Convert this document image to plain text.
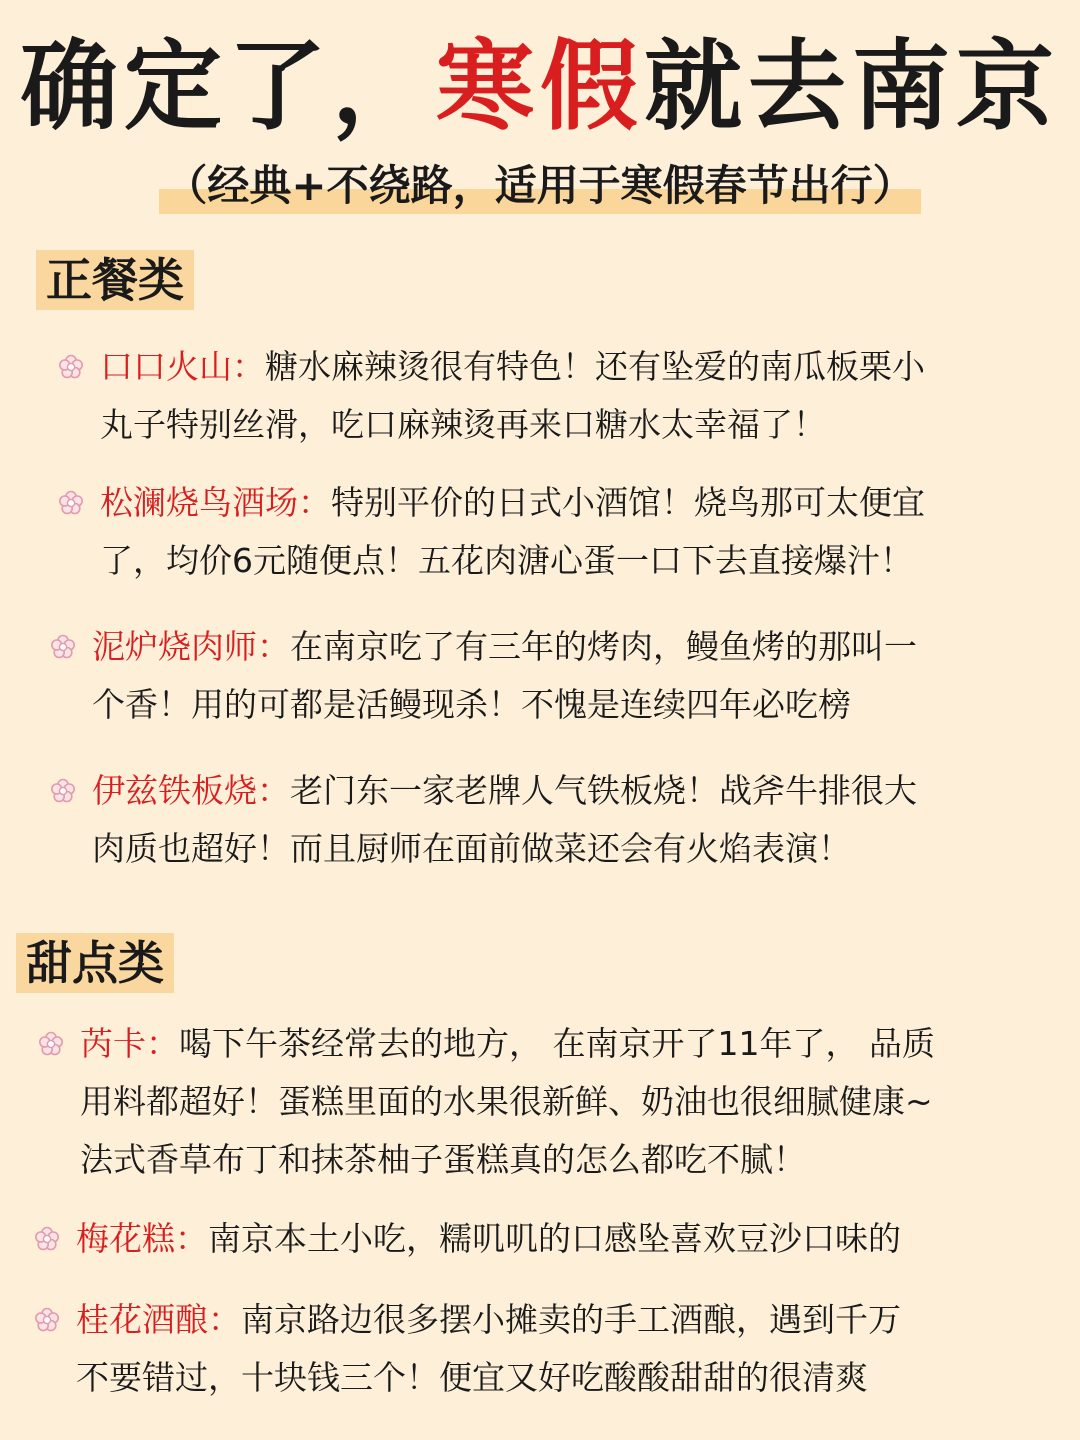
确定了，寒假就去南京
（经典+不绕路，适用于寒假春节出行）
正餐类
口口火山：糖水麻辣烫很有特色！还有坠爱的南瓜板栗小
丸子特别丝滑，吃口麻辣烫再来口糖水太幸福了！
松澜烧鸟酒场：特别平价的日式小酒馆！烧鸟那可太便宜
了，均价6元随便点！五花肉溏心蛋一口下去直接爆汁！
泥炉烧肉师：在南京吃了有三年的烤肉，鳗鱼烤的那叫一
个香！用的可都是活鳗现杀！不愧是连续四年必吃榜
伊兹铁板烧：老门东一家老牌人气铁板烧！战斧牛排很大
肉质也超好！而且厨师在面前做菜还会有火焰表演！
甜点类
芮卡：喝下午茶经常去的地方， 在南京开了11年了， 品质
用料都超好！蛋糕里面的水果很新鲜、奶油也很细腻健康~
法式香草布丁和抹茶柚子蛋糕真的怎么都吃不腻！
梅花糕：南京本土小吃，糯叽叽的口感坠喜欢豆沙口味的
桂花酒酿：南京路边很多摆小摊卖的手工酒酿，遇到千万
不要错过，十块钱三个！便宜又好吃酸酸甜甜的很清爽
